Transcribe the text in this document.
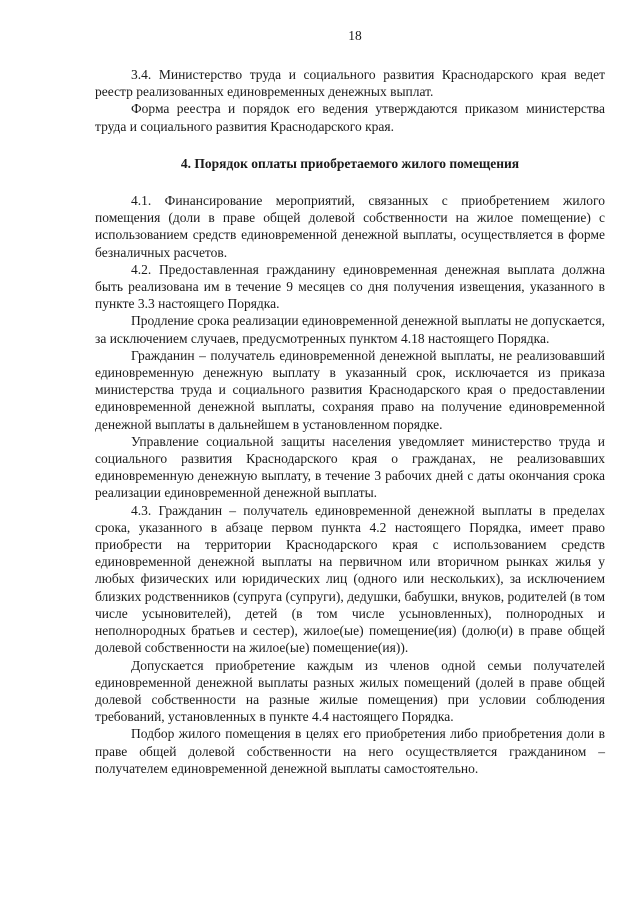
18

3.4. Министерство труда и социального развития Краснодарского края ведет реестр реализованных единовременных денежных выплат.

Форма реестра и порядок его ведения утверждаются приказом министерства труда и социального развития Краснодарского края.

4. Порядок оплаты приобретаемого жилого помещения

4.1. Финансирование мероприятий, связанных с приобретением жилого помещения (доли в праве общей долевой собственности на жилое помещение) с использованием средств единовременной денежной выплаты, осуществляется в форме безналичных расчетов.

4.2. Предоставленная гражданину единовременная денежная выплата должна быть реализована им в течение 9 месяцев со дня получения извещения, указанного в пункте 3.3 настоящего Порядка.

Продление срока реализации единовременной денежной выплаты не допускается, за исключением случаев, предусмотренных пунктом 4.18 настоящего Порядка.

Гражданин – получатель единовременной денежной выплаты, не реализовавший единовременную денежную выплату в указанный срок, исключается из приказа министерства труда и социального развития Краснодарского края о предоставлении единовременной денежной выплаты, сохраняя право на получение единовременной денежной выплаты в дальнейшем в установленном порядке.

Управление социальной защиты населения уведомляет министерство труда и социального развития Краснодарского края о гражданах, не реализовавших единовременную денежную выплату, в течение 3 рабочих дней с даты окончания срока реализации единовременной денежной выплаты.

4.3. Гражданин – получатель единовременной денежной выплаты в пределах срока, указанного в абзаце первом пункта 4.2 настоящего Порядка, имеет право приобрести на территории Краснодарского края с использованием средств единовременной денежной выплаты на первичном или вторичном рынках жилья у любых физических или юридических лиц (одного или нескольких), за исключением близких родственников (супруга (супруги), дедушки, бабушки, внуков, родителей (в том числе усыновителей), детей (в том числе усыновленных), полнородных и неполнородных братьев и сестер), жилое(ые) помещение(ия) (долю(и) в праве общей долевой собственности на жилое(ые) помещение(ия)).

Допускается приобретение каждым из членов одной семьи получателей единовременной денежной выплаты разных жилых помещений (долей в праве общей долевой собственности на разные жилые помещения) при условии соблюдения требований, установленных в пункте 4.4 настоящего Порядка.

Подбор жилого помещения в целях его приобретения либо приобретения доли в праве общей долевой собственности на него осуществляется гражданином – получателем единовременной денежной выплаты самостоятельно.
